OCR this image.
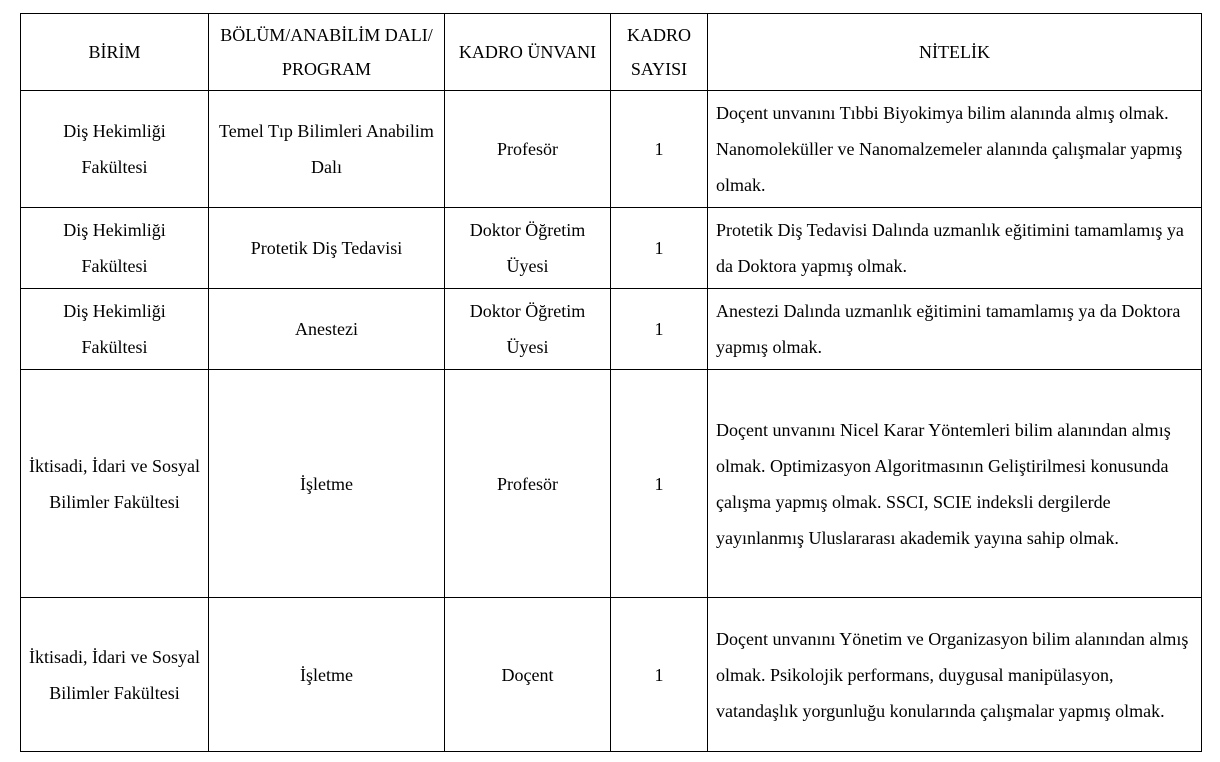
BİRİM	BÖLÜM/ANABİLİM DALI/ PROGRAM	KADRO ÜNVANI	KADRO SAYISI	NİTELİK
Diş Hekimliği Fakültesi	Temel Tıp Bilimleri Anabilim Dalı	Profesör	1	Doçent unvanını Tıbbi Biyokimya bilim alanında almış olmak. Nanomoleküller ve Nanomalzemeler alanında çalışmalar yapmış olmak.
Diş Hekimliği Fakültesi	Protetik Diş Tedavisi	Doktor Öğretim Üyesi	1	Protetik Diş Tedavisi Dalında uzmanlık eğitimini tamamlamış ya da Doktora yapmış olmak.
Diş Hekimliği Fakültesi	Anestezi	Doktor Öğretim Üyesi	1	Anestezi Dalında uzmanlık eğitimini tamamlamış ya da Doktora yapmış olmak.
İktisadi, İdari ve Sosyal Bilimler Fakültesi	İşletme	Profesör	1	Doçent unvanını Nicel Karar Yöntemleri bilim alanından almış olmak. Optimizasyon Algoritmasının Geliştirilmesi konusunda çalışma yapmış olmak. SSCI, SCIE indeksli dergilerde yayınlanmış Uluslararası akademik yayına sahip olmak.
İktisadi, İdari ve Sosyal Bilimler Fakültesi	İşletme	Doçent	1	Doçent unvanını Yönetim ve Organizasyon bilim alanından almış olmak. Psikolojik performans, duygusal manipülasyon, vatandaşlık yorgunluğu konularında çalışmalar yapmış olmak.
